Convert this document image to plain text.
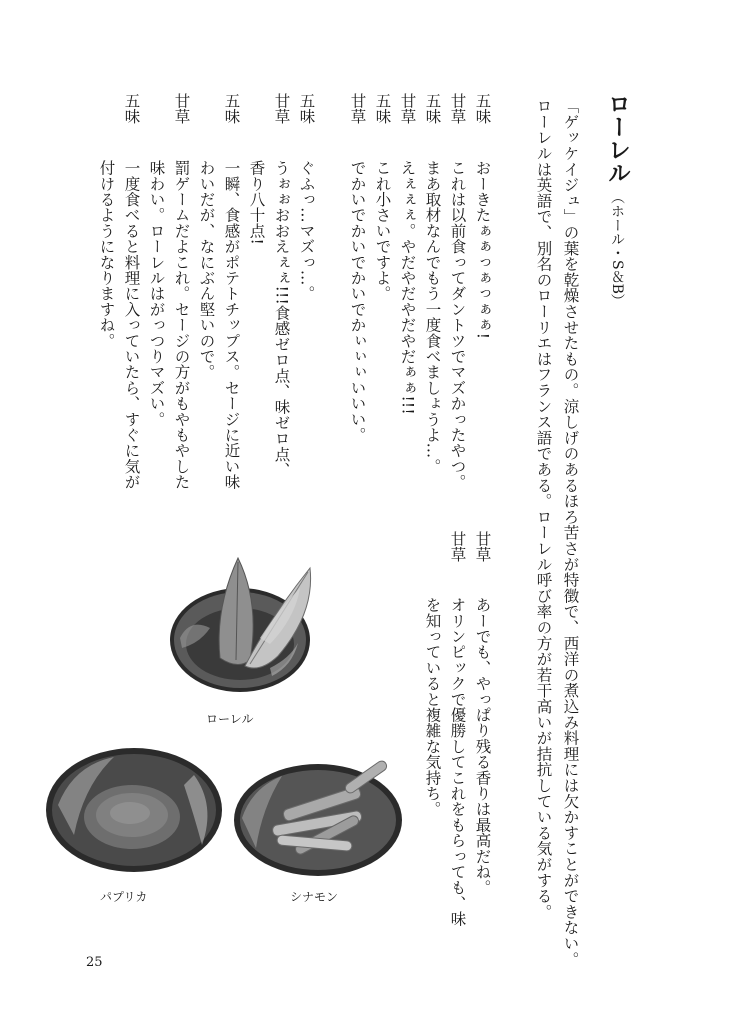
ローレル（ホール・S＆B）
「ゲッケイジュ」の葉を乾燥させたもの。涼しげのあるほろ苦さが特徴で、西洋の煮込み料理には欠かすことができない。
ローレルは英語で、別名のローリエはフランス語である。ローレル呼び率の方が若干高いが拮抗している気がする。
五味
おーきたぁぁっぁっぁぁ!
甘草
これは以前食ってダントツでマズかったやつ。
五味
まあ取材なんでもう一度食べましょうよ…。
甘草
えぇぇぇ。やだやだやだやだぁぁ!!!
五味
これ小さいですよ。
甘草
でかいでかいでかいでかぃぃぃいいい。
五味
ぐふっ…マズっ…。
甘草
うぉぉおおえぇぇ!!!食感ゼロ点、味ゼロ点、
香り八十点!
五味
一瞬、食感がポテトチップス。セージに近い味
わいだが、なにぶん堅いので。
甘草
罰ゲームだよこれ。セージの方がもやもやした
味わい。ローレルはがっつりマズい。
五味
一度食べると料理に入っていたら、すぐに気が
付けるようになりますね。
甘草
あーでも、やっぱり残る香りは最高だね。
甘草
オリンピックで優勝してこれをもらっても、味
を知っていると複雑な気持ち。
ローレル
パプリカ	シナモン
25
